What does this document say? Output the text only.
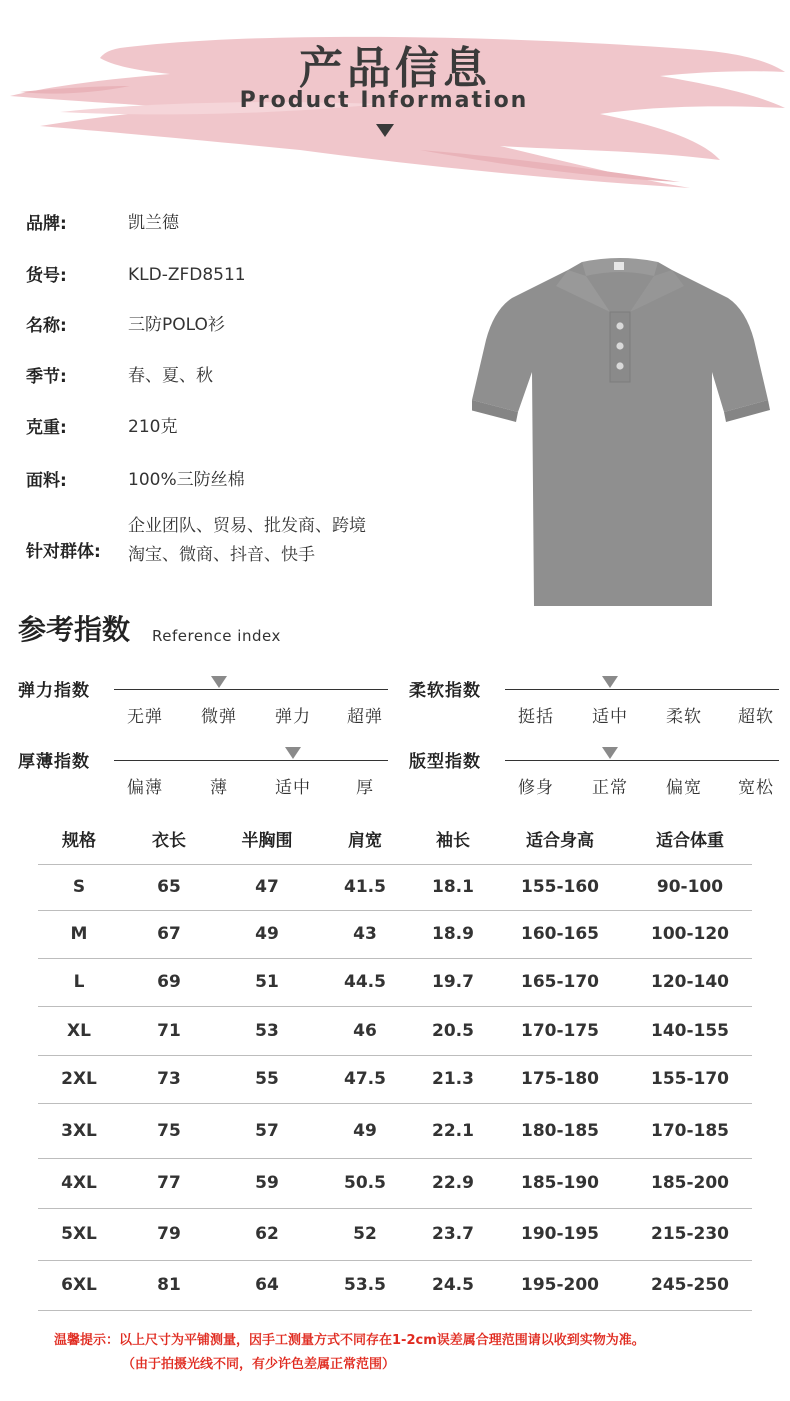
产品信息
Product Information
品牌:	凯兰德
货号:	KLD-ZFD8511
名称:	三防POLO衫
季节:	春、夏、秋
克重:	210克
面料:	100%三防丝棉
针对群体:
企业团队、贸易、批发商、跨境
淘宝、微商、抖音、快手
参考指数 Reference index
弹力指数
无弹	微弹	弹力	超弹
柔软指数
挺括	适中	柔软	超软
厚薄指数
偏薄	薄	适中	厚
版型指数
修身	正常	偏宽	宽松
规格	衣长	半胸围	肩宽	袖长	适合身高	适合体重
S	65	47	41.5	18.1	155-160	90-100
M	67	49	43	18.9	160-165	100-120
L	69	51	44.5	19.7	165-170	120-140
XL	71	53	46	20.5	170-175	140-155
2XL	73	55	47.5	21.3	175-180	155-170
3XL	75	57	49	22.1	180-185	170-185
4XL	77	59	50.5	22.9	185-190	185-200
5XL	79	62	52	23.7	190-195	215-230
6XL	81	64	53.5	24.5	195-200	245-250
温馨提示：以上尺寸为平铺测量，因手工测量方式不同存在1-2cm误差属合理范围请以收到实物为准。
（由于拍摄光线不同，有少许色差属正常范围）
